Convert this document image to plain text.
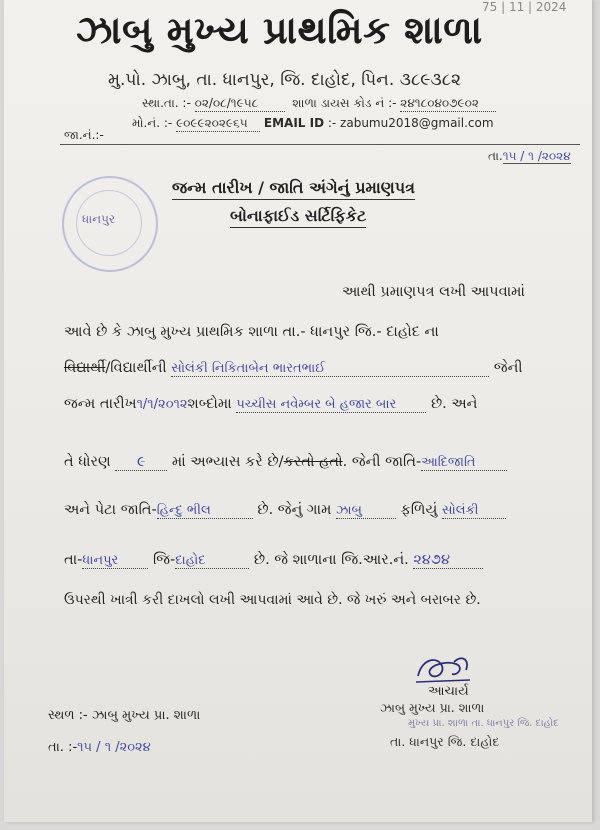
75 | 11 | 2024
ઝાબુ મુખ્ય પ્રાથમિક શાળા
મુ.પો. ઝાબુ, તા. ધાનપુર, જિ. દાહોદ, પિન. ૩૮૯૩૮૨
સ્થા.તા. :- ૦૨/૦૮/૧૯૫૮	શાળા ડાયસ કોડ નં :- ૨૪૧૮૦૪૦૭૯૦૨
મો.નં. :- ૯૦૯૯૨૦૨૯૬૫ EMAIL ID :- zabumu2018@gmail.com
જા.નં.:-
તા.૧૫ / ૧ /૨૦૨૪
ધાનપુર
જન્મ તારીખ / જાતિ અંગેનું પ્રમાણપત્ર
બોનાફાઈડ સર્ટિફિકેટ
આથી પ્રમાણપત્ર લખી આપવામાં
આવે છે કે ઝાબુ મુખ્ય પ્રાથમિક શાળા તા.- ધાનપુર જિ.- દાહોદ ના
વિદ્યાર્થી/વિદ્યાર્થીની સોલંકી નિકિતાબેન ભારતભાઈ	જેની
જન્મ તારીખ૧/૧/૨૦૧૨શબ્દોમા પચ્ચીસ નવેમ્બર બે હજાર બાર છે. અને
તે ધોરણ ૯ માં અભ્યાસ કરે છે/કરતો હતો. જેની જાતિ-આદિજાતિ
અને પેટા જાતિ-હિન્દુ ભીલ	છે. જેનું ગામ ઝાબુ	ફળિયું સોલંકી
તા-ધાનપુર જિ-દાહોદ	છે. જે શાળાના જિ.આર.નં. ૨૪૭૪
ઉપરથી ખાત્રી કરી દાખલો લખી આપવામાં આવે છે. જે ખરું અને બરાબર છે.
આચાર્ય
ઝાબુ મુખ્ય પ્રા. શાળા
મુખ્ય પ્રા. શાળા તા. ધાનપુર જિ. દાહોદ
તા. ધાનપુર જિ. દાહોદ
સ્થળ :- ઝાબુ મુખ્ય પ્રા. શાળા
તા. :-૧૫ / ૧ /૨૦૨૪
